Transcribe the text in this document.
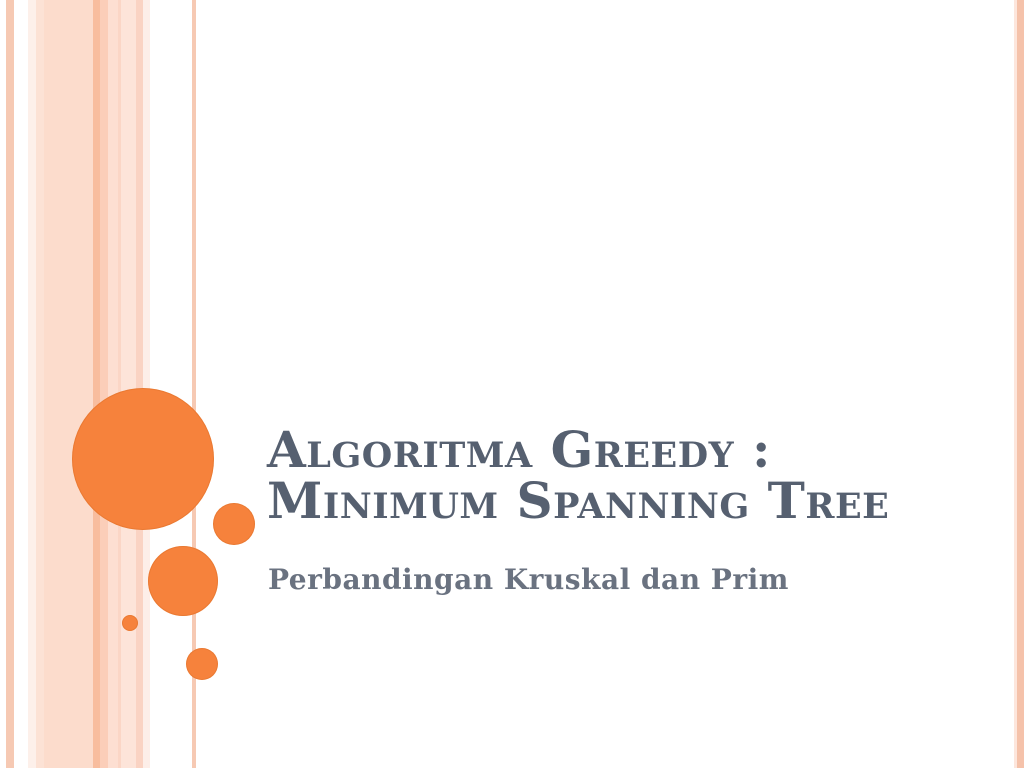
Algoritma Greedy :
Minimum Spanning Tree
Perbandingan Kruskal dan Prim
